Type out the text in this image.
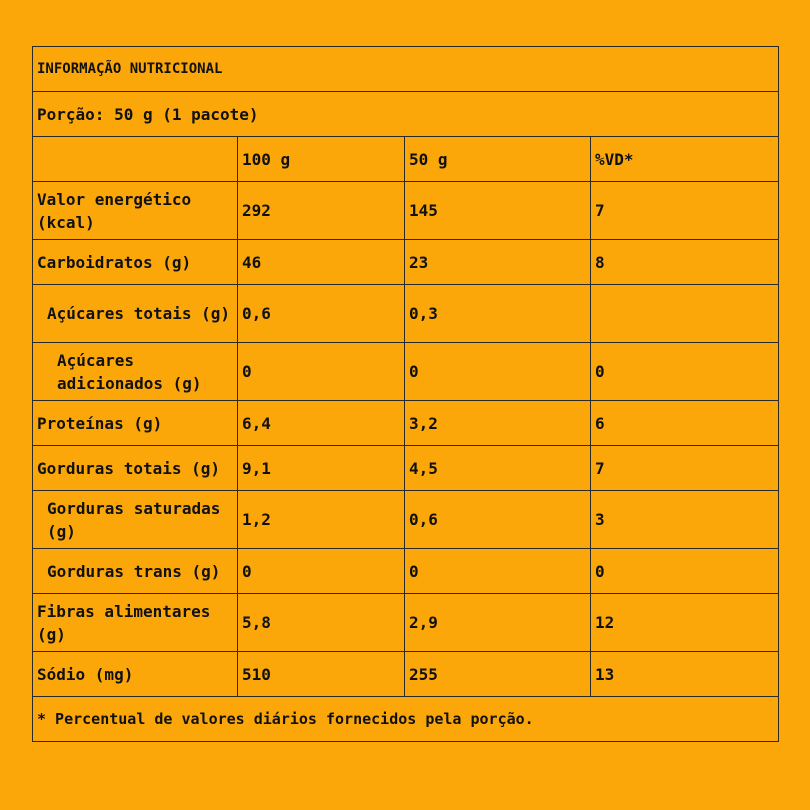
INFORMAÇÃO NUTRICIONAL			
Porção: 50 g (1 pacote)			
	100 g	50 g	%VD*
Valor energético (kcal)	292	145	7
Carboidratos (g)	46	23	8
Açúcares totais (g)	0,6	0,3	

Açúcares adicionados (g)	0	0	0
Proteínas (g)	6,4	3,2	6
Gorduras totais (g)	9,1	4,5	7
Gorduras saturadas (g)	1,2	0,6	3
Gorduras trans (g)	0	0	0
Fibras alimentares (g)	5,8	2,9	12
Sódio (mg)	510	255	13
* Percentual de valores diários fornecidos pela porção.			
